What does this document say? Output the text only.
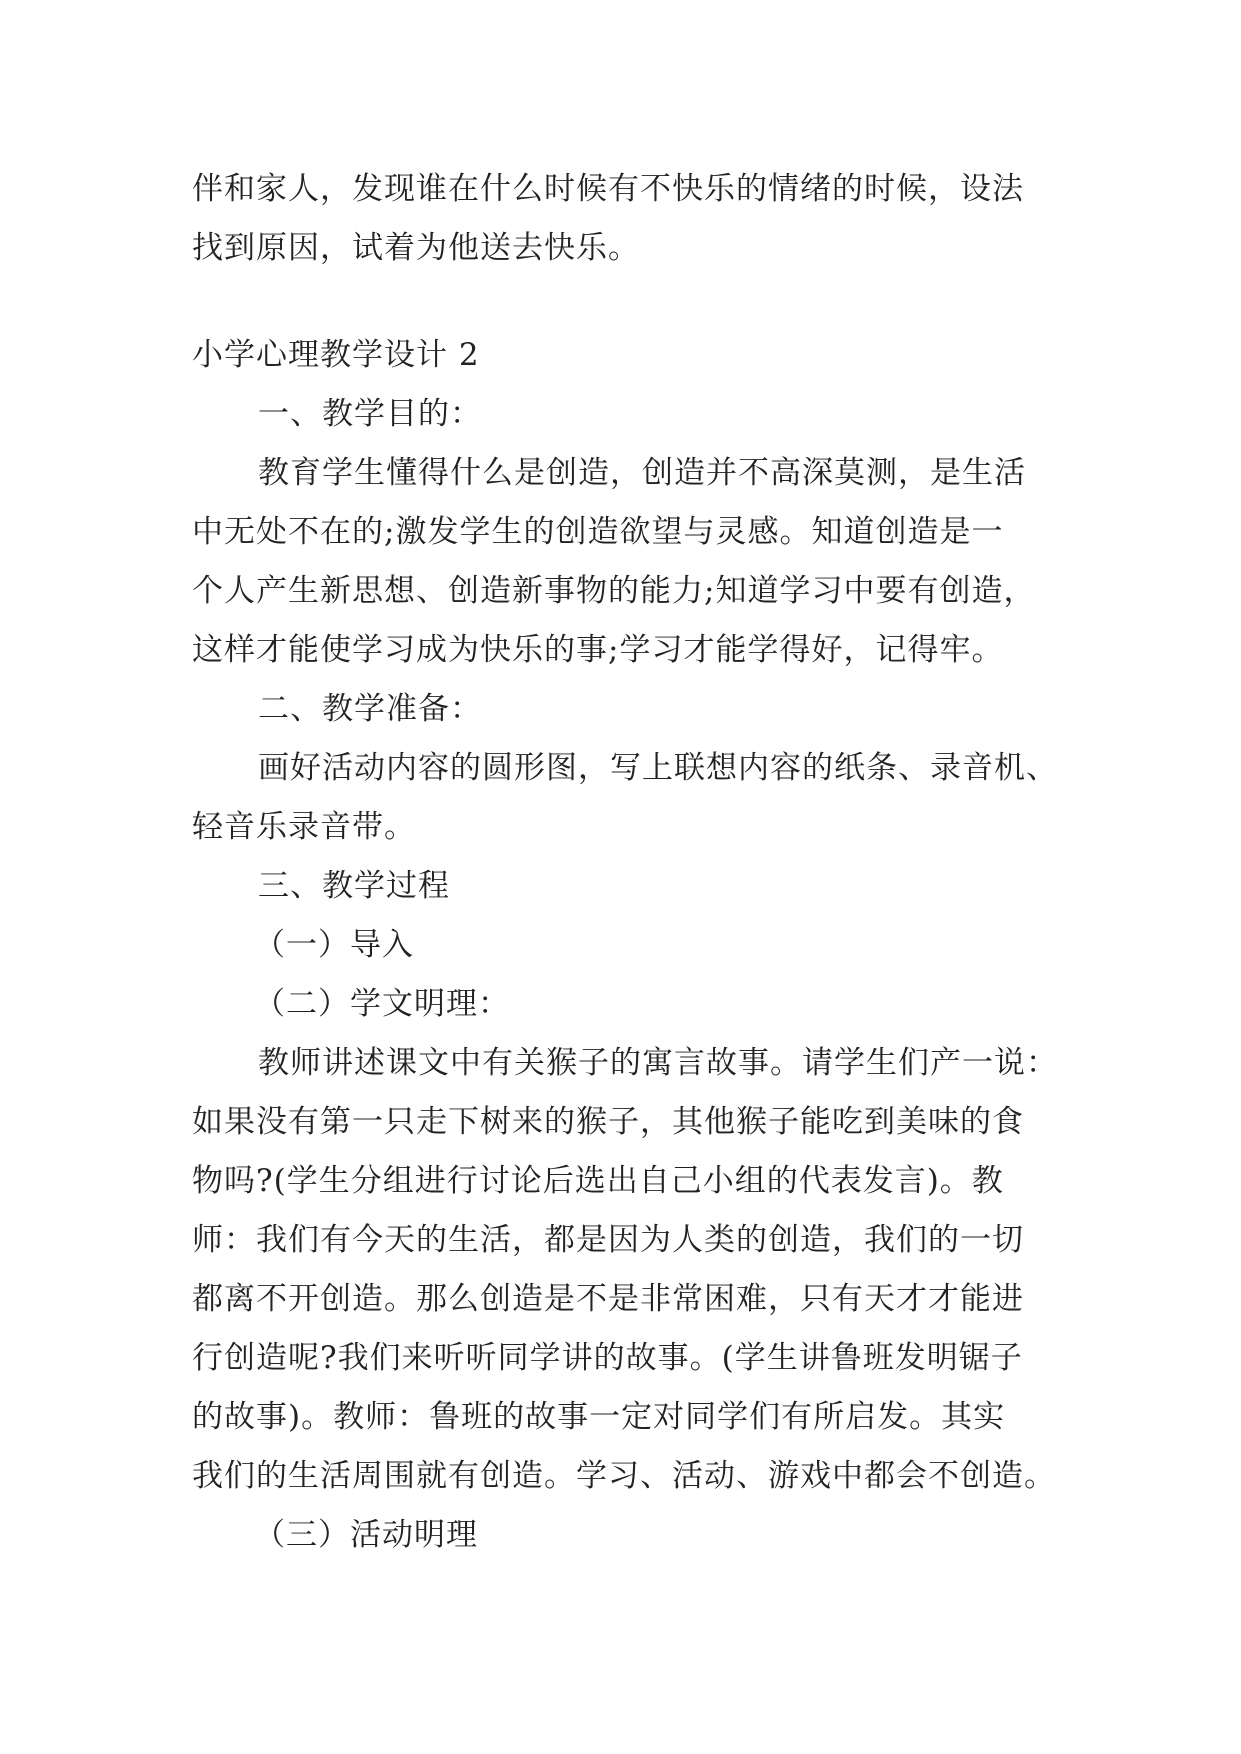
伴和家人，发现谁在什么时候有不快乐的情绪的时候，设法
找到原因，试着为他送去快乐。
小学心理教学设计 2
一、教学目的：
教育学生懂得什么是创造，创造并不高深莫测，是生活
中无处不在的;激发学生的创造欲望与灵感。知道创造是一
个人产生新思想、创造新事物的能力;知道学习中要有创造，
这样才能使学习成为快乐的事;学习才能学得好，记得牢。
二、教学准备：
画好活动内容的圆形图，写上联想内容的纸条、录音机、
轻音乐录音带。
三、教学过程
（一）导入
（二）学文明理：
教师讲述课文中有关猴子的寓言故事。请学生们产一说：
如果没有第一只走下树来的猴子，其他猴子能吃到美味的食
物吗?(学生分组进行讨论后选出自己小组的代表发言)。教
师：我们有今天的生活，都是因为人类的创造，我们的一切
都离不开创造。那么创造是不是非常困难，只有天才才能进
行创造呢?我们来听听同学讲的故事。(学生讲鲁班发明锯子
的故事)。教师：鲁班的故事一定对同学们有所启发。其实
我们的生活周围就有创造。学习、活动、游戏中都会不创造。
（三）活动明理
